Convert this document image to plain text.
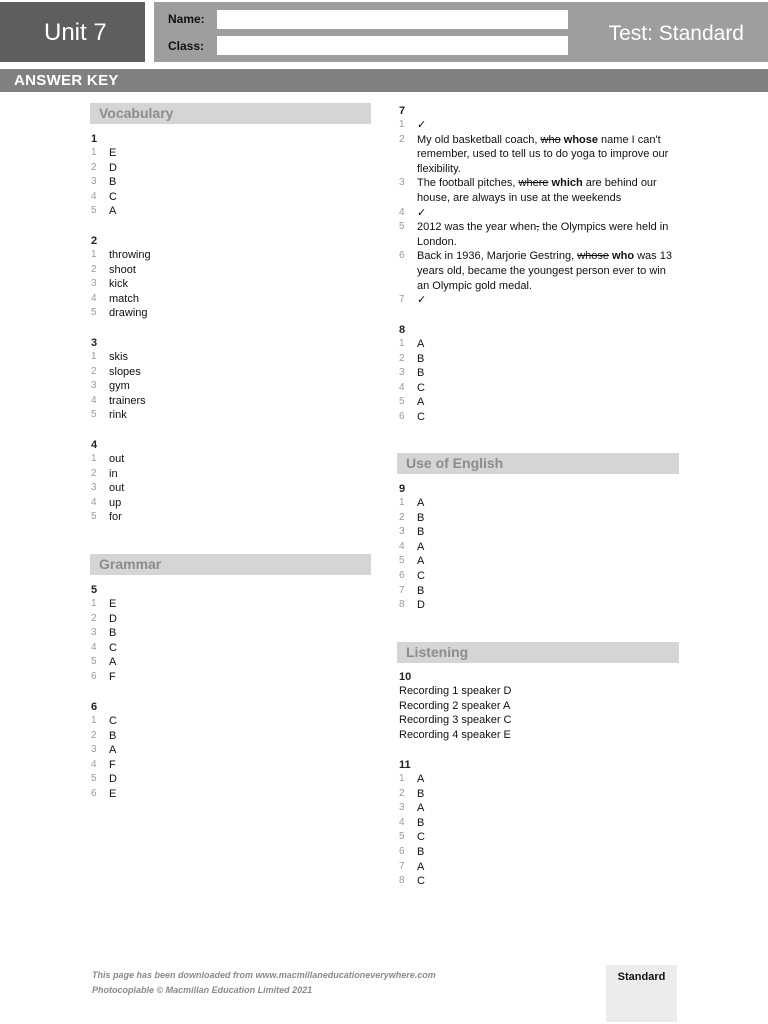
Unit 7	Name:
Class:
Test: Standard
ANSWER KEY
Vocabulary
1
1 E
2 D
3 B
4 C
5 A
2
1 throwing
2 shoot
3 kick
4 match
5 drawing
3
1 skis
2 slopes
3 gym
4 trainers
5 rink
4
1 out
2 in
3 out
4 up
5 for
Grammar
5
1 E
2 D
3 B
4 C
5 A
6 F
6
1 C
2 B
3 A
4 F
5 D
6 E
7
1 ✓
2 My old basketball coach, who whose name I can't remember, used to tell us to do yoga to improve our flexibility.
3 The football pitches, where which are behind our house, are always in use at the weekends
4 ✓
5 2012 was the year when, the Olympics were held in London.
6 Back in 1936, Marjorie Gestring, whose who was 13 years old, became the youngest person ever to win an Olympic gold medal.
7 ✓
8
1 A
2 B
3 B
4 C
5 A
6 C
Use of English
9
1 A
2 B
3 B
4 A
5 A
6 C
7 B
8 D
Listening
10
Recording 1 speaker D
Recording 2 speaker A
Recording 3 speaker C
Recording 4 speaker E
11
1 A
2 B
3 A
4 B
5 C
6 B
7 A
8 C
This page has been downloaded from www.macmillaneducationeverywhere.com
Photocopiable © Macmillan Education Limited 2021
Standard
